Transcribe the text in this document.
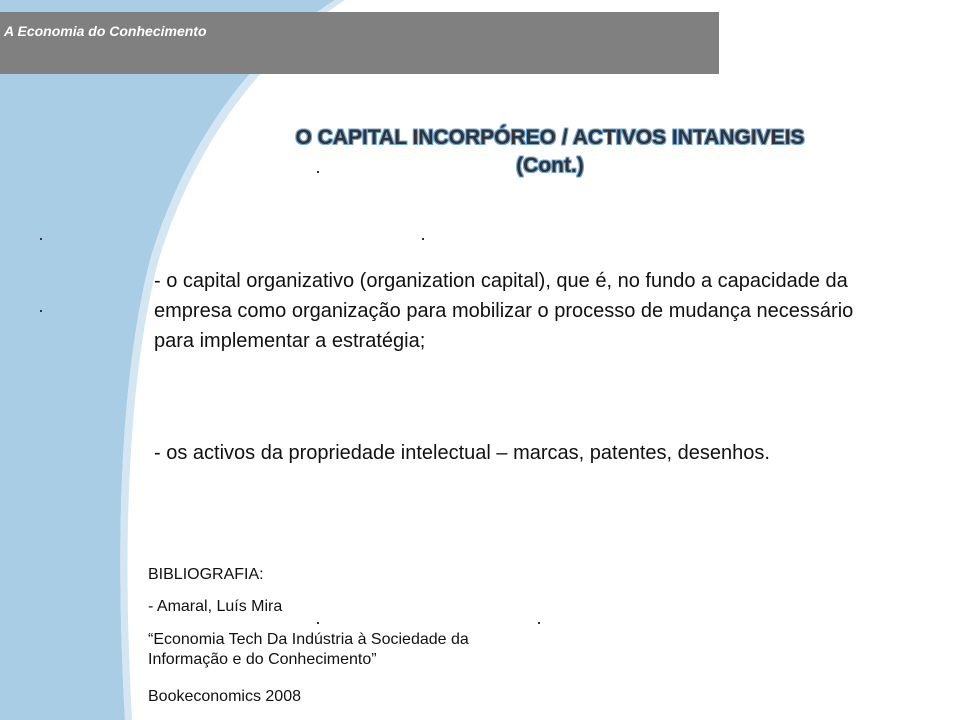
A Economia do Conhecimento
O CAPITAL INCORPÓREO / ACTIVOS INTANGIVEIS
(Cont.)
- o capital organizativo (organization capital), que é, no fundo a capacidade da empresa como organização para mobilizar o processo de mudança necessário para implementar a estratégia;
- os activos da propriedade intelectual – marcas, patentes, desenhos.
BIBLIOGRAFIA:
- Amaral, Luís Mira
“Economia Tech Da Indústria à Sociedade da Informação e do Conhecimento”
Bookeconomics 2008
